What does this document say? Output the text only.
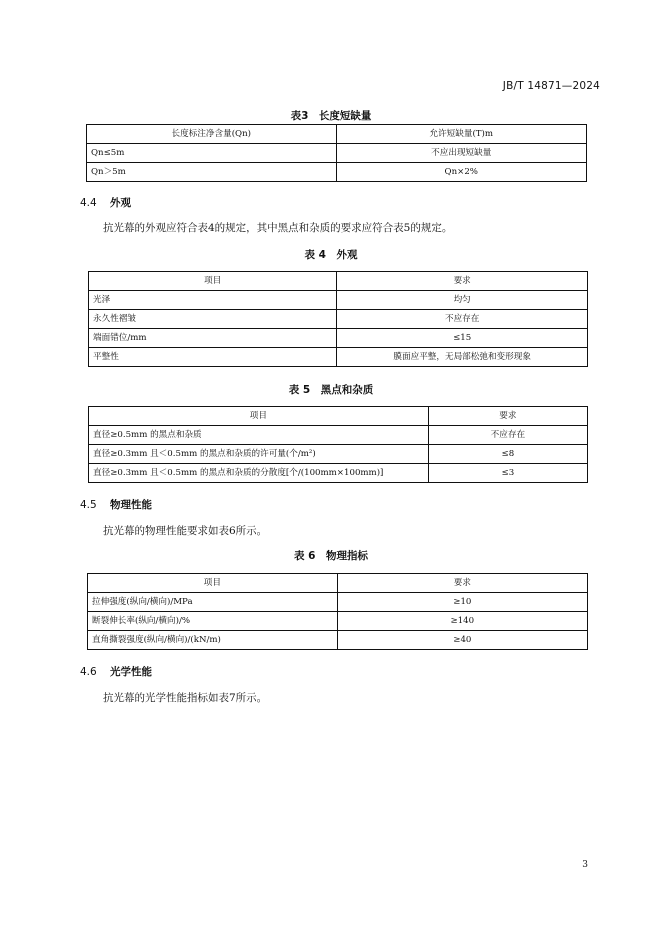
JB/T 14871—2024
表3　长度短缺量
长度标注净含量(Qn)	允许短缺量(T)m
Qn≤5m	不应出现短缺量
Qn＞5m	Qn×2%
4.4 外观
抗光幕的外观应符合表4的规定，其中黑点和杂质的要求应符合表5的规定。
表 4　外观
项目	要求
光泽	均匀
永久性褶皱	不应存在
端面错位/mm	≤15
平整性	膜面应平整，无局部松弛和变形现象
表 5　黑点和杂质
项目	要求
直径≥0.5mm 的黑点和杂质	不应存在
直径≥0.3mm 且＜0.5mm 的黑点和杂质的许可量(个/m²)	≤8
直径≥0.3mm 且＜0.5mm 的黑点和杂质的分散度[个/(100mm×100mm)]	≤3
4.5 物理性能
抗光幕的物理性能要求如表6所示。
表 6　物理指标
项目	要求
拉伸强度(纵向/横向)/MPa	≥10
断裂伸长率(纵向/横向)/%	≥140
直角撕裂强度(纵向/横向)/(kN/m)	≥40
4.6 光学性能
抗光幕的光学性能指标如表7所示。
3
